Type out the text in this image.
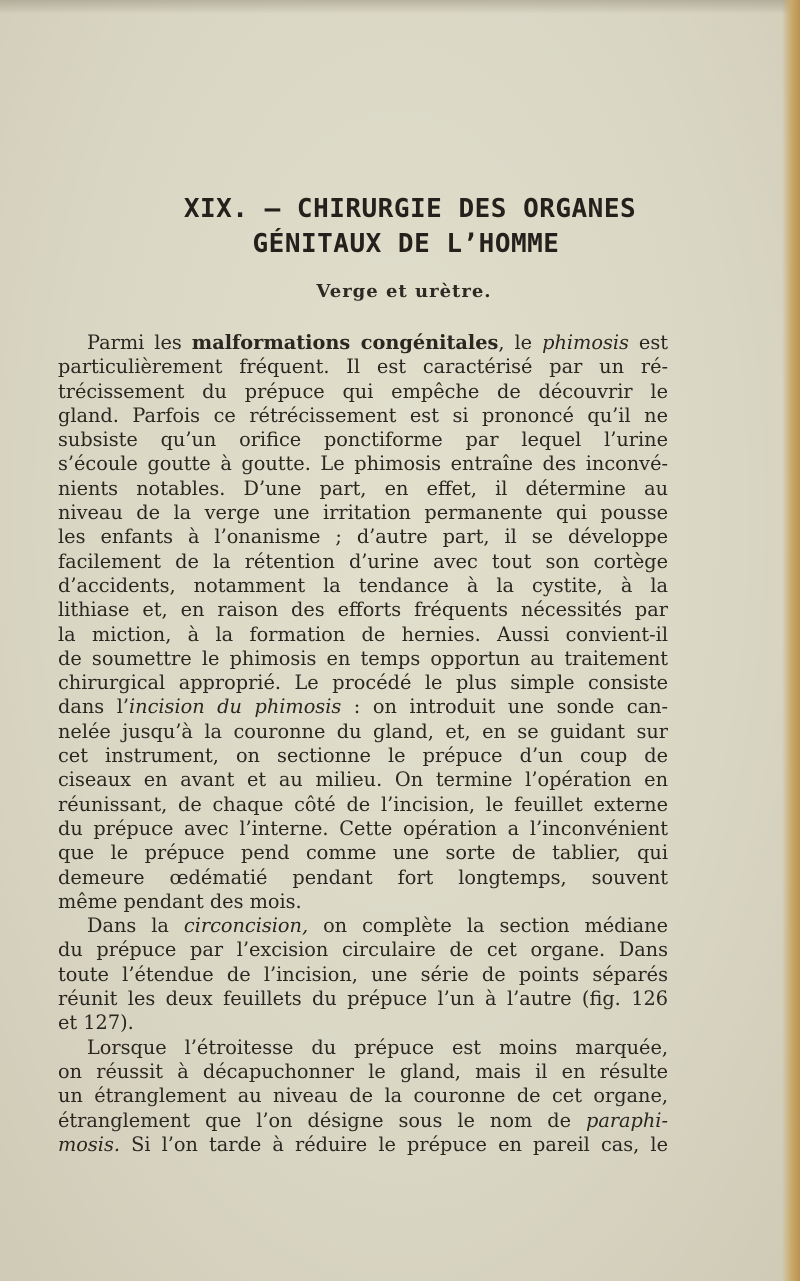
XIX. — CHIRURGIE DES ORGANES
GÉNITAUX DE L’HOMME
Verge et urètre.
Parmi les malformations congénitales, le phimosis est
particulièrement fréquent. Il est caractérisé par un ré-
trécissement du prépuce qui empêche de découvrir le
gland. Parfois ce rétrécissement est si prononcé qu’il ne
subsiste qu’un orifice ponctiforme par lequel l’urine
s’écoule goutte à goutte. Le phimosis entraîne des inconvé-
nients notables. D’une part, en effet, il détermine au
niveau de la verge une irritation permanente qui pousse
les enfants à l’onanisme ; d’autre part, il se développe
facilement de la rétention d’urine avec tout son cortège
d’accidents, notamment la tendance à la cystite, à la
lithiase et, en raison des efforts fréquents nécessités par
la miction, à la formation de hernies. Aussi convient-il
de soumettre le phimosis en temps opportun au traitement
chirurgical approprié. Le procédé le plus simple consiste
dans l’incision du phimosis : on introduit une sonde can-
nelée jusqu’à la couronne du gland, et, en se guidant sur
cet instrument, on sectionne le prépuce d’un coup de
ciseaux en avant et au milieu. On termine l’opération en
réunissant, de chaque côté de l’incision, le feuillet externe
du prépuce avec l’interne. Cette opération a l’inconvénient
que le prépuce pend comme une sorte de tablier, qui
demeure œdématié pendant fort longtemps, souvent
même pendant des mois.
Dans la circoncision, on complète la section médiane
du prépuce par l’excision circulaire de cet organe. Dans
toute l’étendue de l’incision, une série de points séparés
réunit les deux feuillets du prépuce l’un à l’autre (fig. 126
et 127).
Lorsque l’étroitesse du prépuce est moins marquée,
on réussit à décapuchonner le gland, mais il en résulte
un étranglement au niveau de la couronne de cet organe,
étranglement que l’on désigne sous le nom de paraphi-
mosis. Si l’on tarde à réduire le prépuce en pareil cas, le
